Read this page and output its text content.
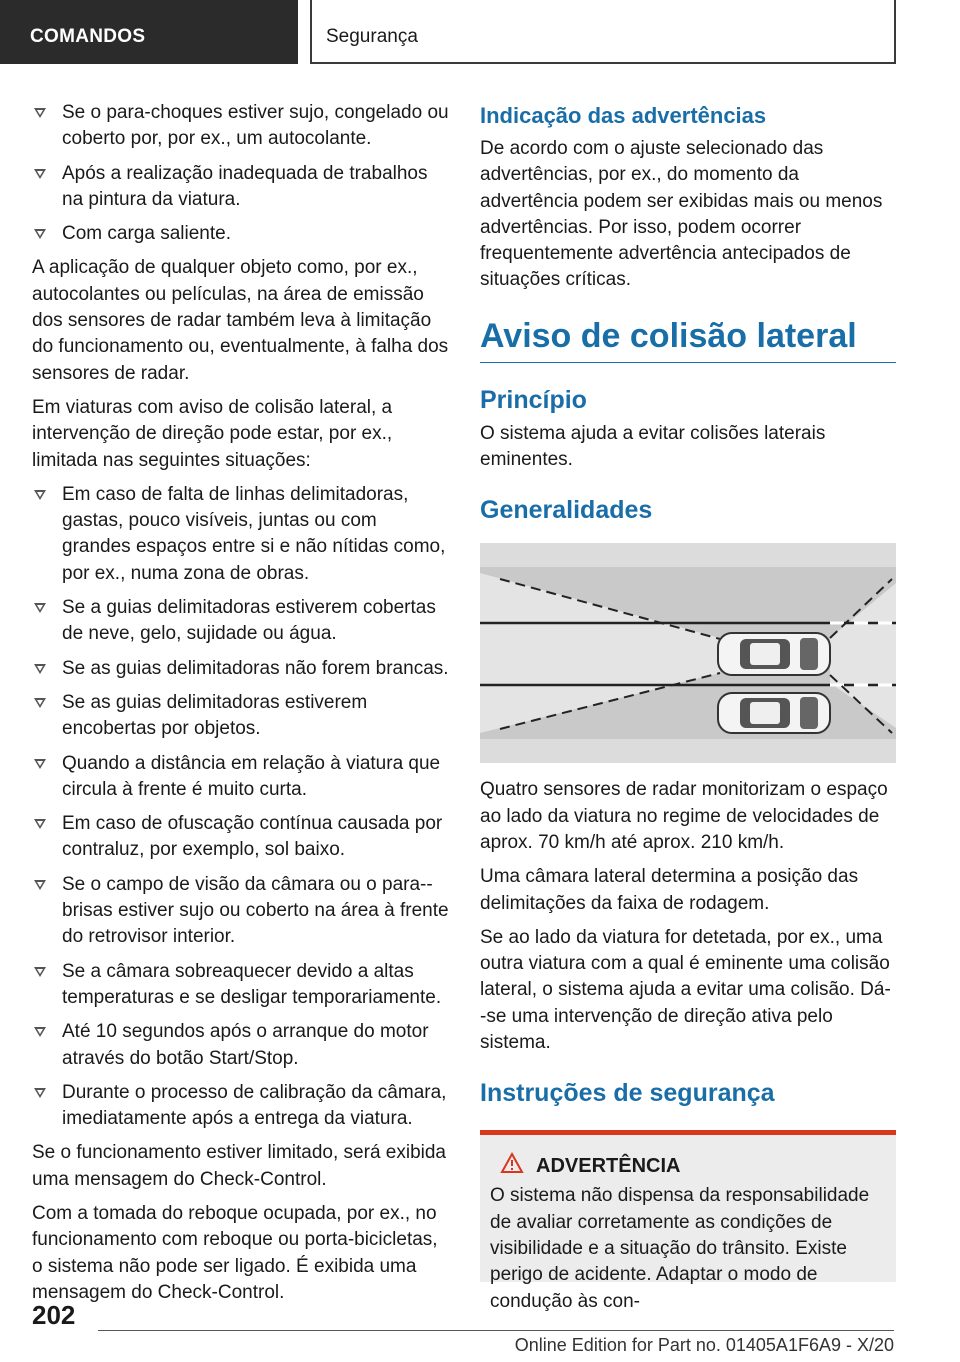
COMANDOS	Segurança
Se o para-choques estiver sujo, congelado ou coberto por, por ex., um autocolante.
Após a realização inadequada de trabalhos na pintura da viatura.
Com carga saliente.

A aplicação de qualquer objeto como, por ex., autocolantes ou películas, na área de emissão dos sensores de radar também leva à limitação do funcionamento ou, eventualmente, à falha dos sensores de radar.

Em viaturas com aviso de colisão lateral, a intervenção de direção pode estar, por ex., limitada nas seguintes situações:

Em caso de falta de linhas delimitadoras, gastas, pouco visíveis, juntas ou com grandes espaços entre si e não nítidas como, por ex., numa zona de obras.
Se a guias delimitadoras estiverem cobertas de neve, gelo, sujidade ou água.
Se as guias delimitadoras não forem brancas.
Se as guias delimitadoras estiverem encobertas por objetos.
Quando a distância em relação à viatura que circula à frente é muito curta.
Em caso de ofuscação contínua causada por contraluz, por exemplo, sol baixo.
Se o campo de visão da câmara ou o para--brisas estiver sujo ou coberto na área à frente do retrovisor interior.
Se a câmara sobreaquecer devido a altas temperaturas e se desligar temporariamente.
Até 10 segundos após o arranque do motor através do botão Start/Stop.
Durante o processo de calibração da câmara, imediatamente após a entrega da viatura.

Se o funcionamento estiver limitado, será exibida uma mensagem do Check-Control.

Com a tomada do reboque ocupada, por ex., no funcionamento com reboque ou porta-bicicletas, o sistema não pode ser ligado. É exibida uma mensagem do Check-Control.

Indicação das advertências

De acordo com o ajuste selecionado das advertências, por ex., do momento da advertência podem ser exibidas mais ou menos advertências. Por isso, podem ocorrer frequentemente advertência antecipados de situações críticas.

Aviso de colisão lateral
Princípio

O sistema ajuda a evitar colisões laterais eminentes.

Generalidades

Quatro sensores de radar monitorizam o espaço ao lado da viatura no regime de velocidades de aprox. 70 km/h até aprox. 210 km/h.

Uma câmara lateral determina a posição das delimitações da faixa de rodagem.

Se ao lado da viatura for detetada, por ex., uma outra viatura com a qual é eminente uma colisão lateral, o sistema ajuda a evitar uma colisão. Dá--se uma intervenção de direção ativa pelo sistema.

Instruções de segurança
ADVERTÊNCIA

O sistema não dispensa da responsabilidade de avaliar corretamente as condições de visibilidade e a situação do trânsito. Existe perigo de acidente. Adaptar o modo de condução às con-

202
Online Edition for Part no. 01405A1F6A9 - X/20
